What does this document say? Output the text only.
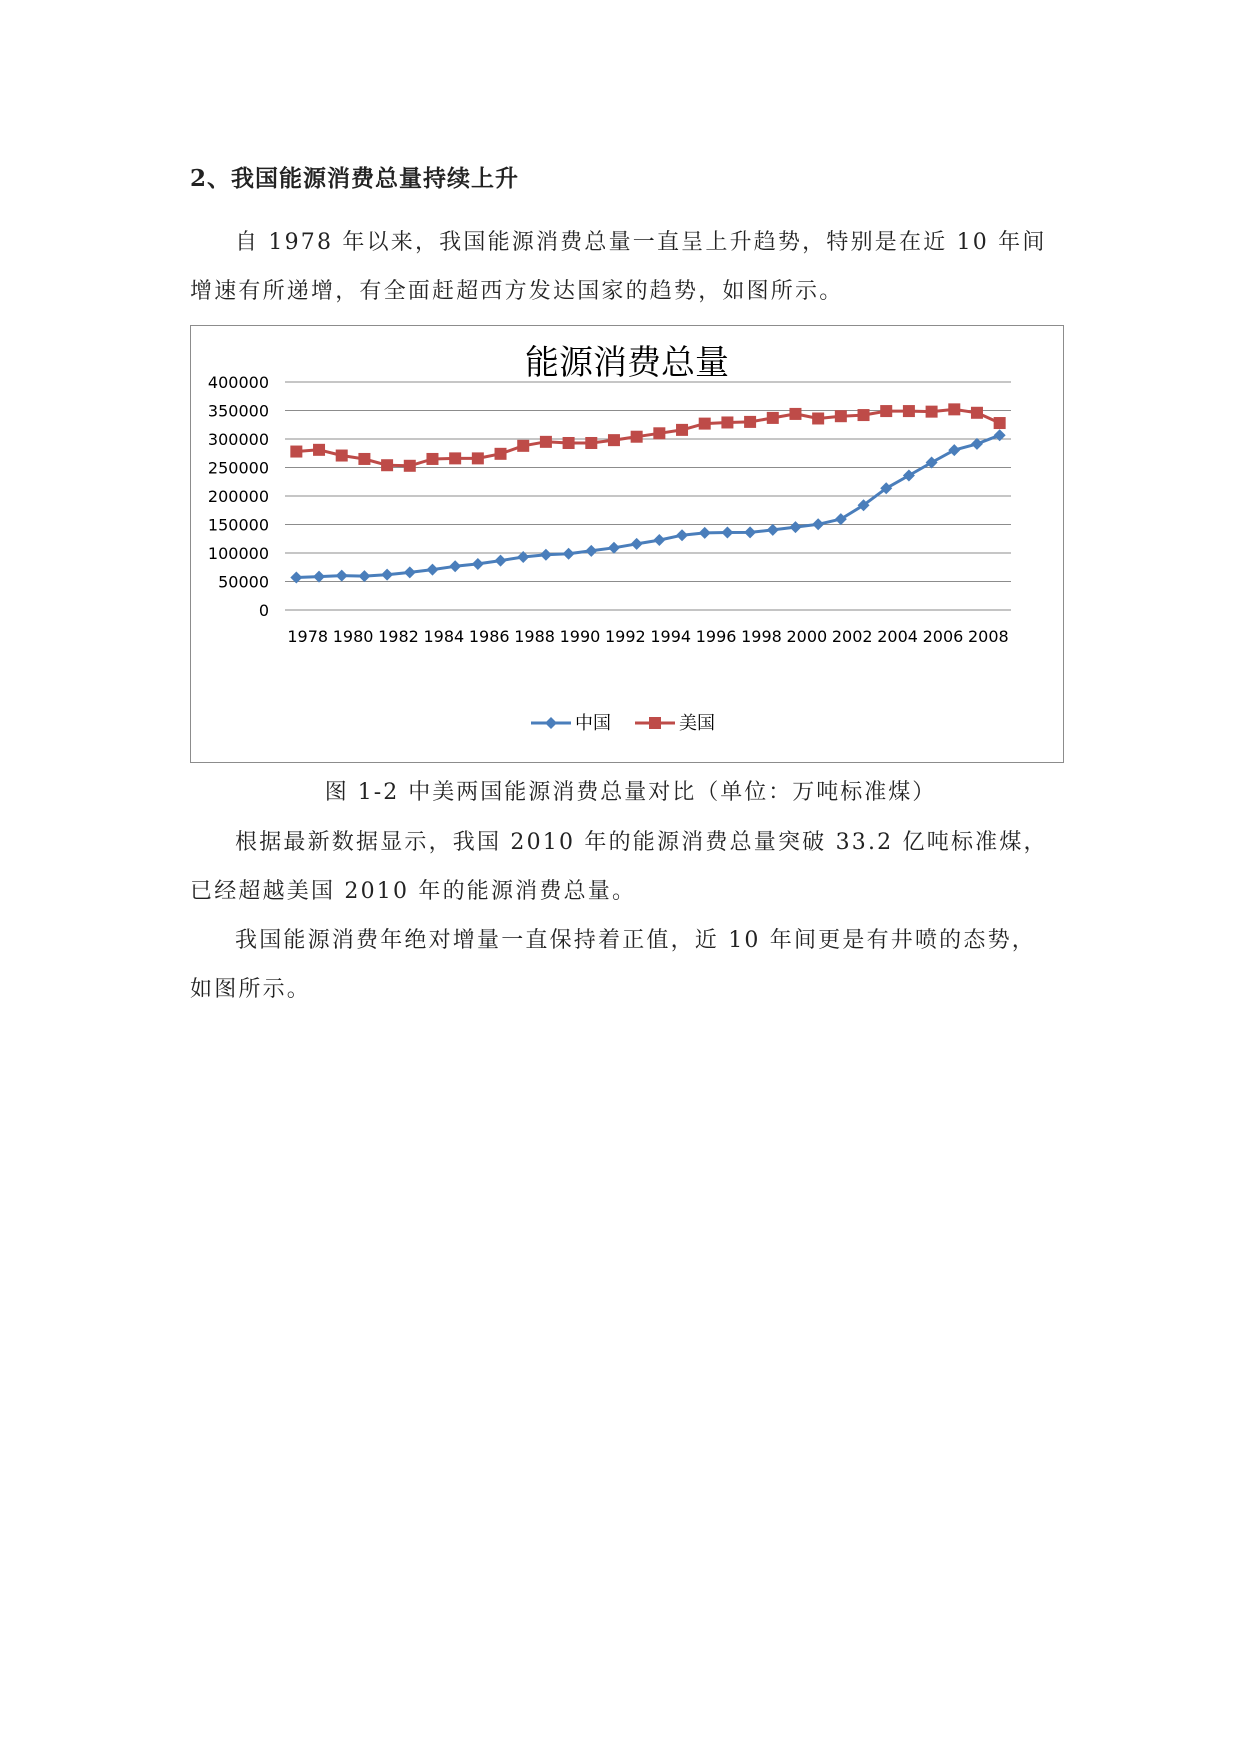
2、我国能源消费总量持续上升
自 1978 年以来，我国能源消费总量一直呈上升趋势，特别是在近 10 年间增速有所递增，有全面赶超西方发达国家的趋势，如图所示。
能源消费总量
400000
350000
300000
250000
200000
150000
100000
50000
0
1978 1980 1982 1984 1986 1988 1990 1992 1994 1996 1998 2000 2002 2004 2006 2008
中国	美国
图 1-2 中美两国能源消费总量对比（单位：万吨标准煤）
根据最新数据显示，我国 2010 年的能源消费总量突破 33.2 亿吨标准煤，已经超越美国 2010 年的能源消费总量。
我国能源消费年绝对增量一直保持着正值，近 10 年间更是有井喷的态势，如图所示。
